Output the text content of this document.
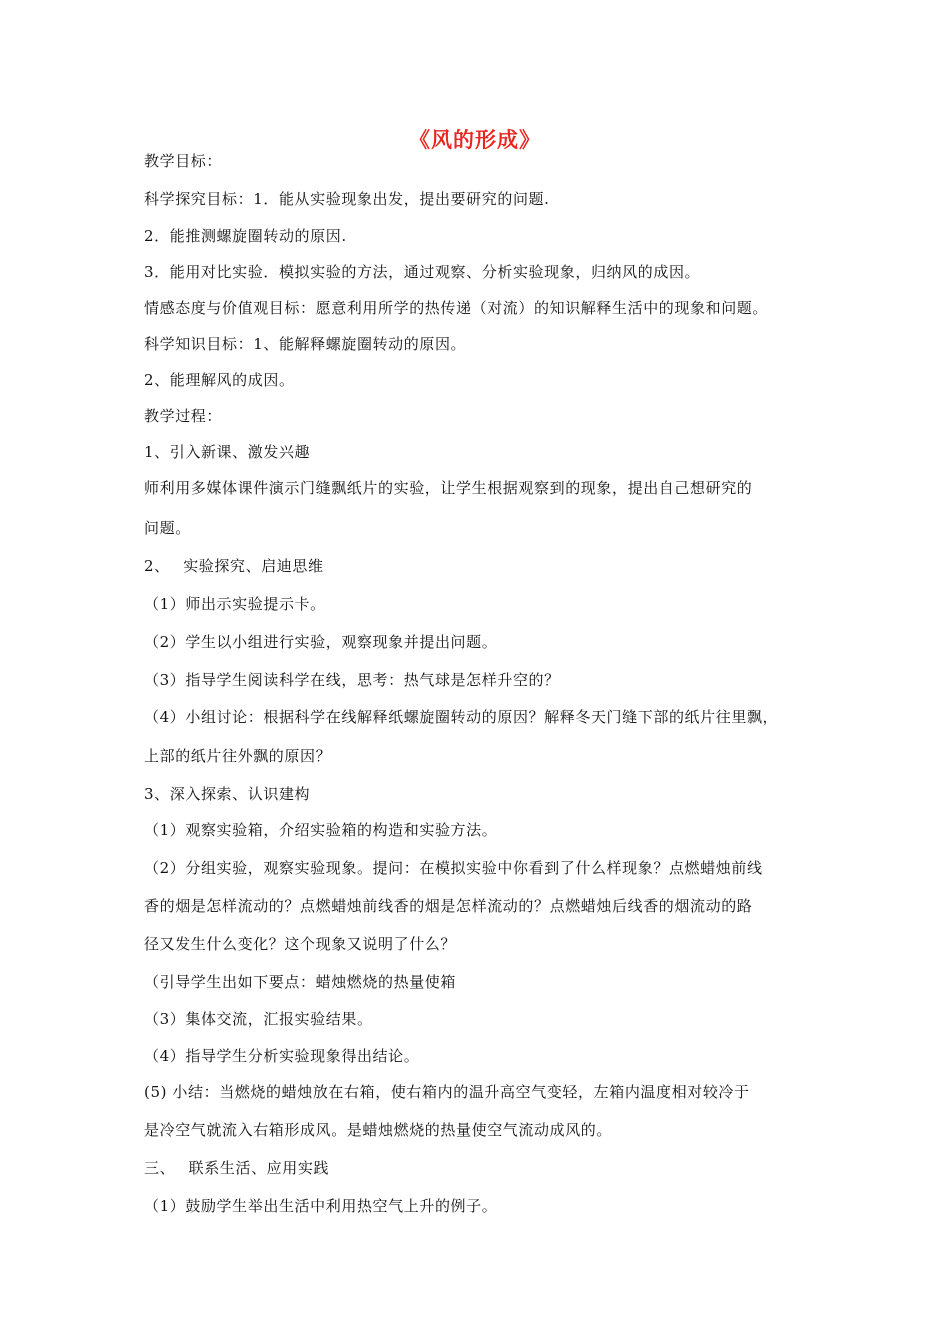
《风的形成》
教学目标：
科学探究目标：1．能从实验现象出发，提出要研究的问题.
2．能推测螺旋圈转动的原因.
3．能用对比实验．模拟实验的方法，通过观察、分析实验现象，归纳风的成因。
情感态度与价值观目标：愿意利用所学的热传递（对流）的知识解释生活中的现象和问题。
科学知识目标：1、能解释螺旋圈转动的原因。
2、能理解风的成因。
教学过程：
1、引入新课、激发兴趣
师利用多媒体课件演示门缝飘纸片的实验，让学生根据观察到的现象，提出自己想研究的
问题。
2、　 实验探究、启迪思维
（1）师出示实验提示卡。
（2）学生以小组进行实验，观察现象并提出问题。
（3）指导学生阅读科学在线，思考：热气球是怎样升空的？
（4）小组讨论：根据科学在线解释纸螺旋圈转动的原因？解释冬天门缝下部的纸片往里飘，
上部的纸片往外飘的原因？
3、深入探索、认识建构
（1）观察实验箱，介绍实验箱的构造和实验方法。
（2）分组实验，观察实验现象。提问：在模拟实验中你看到了什么样现象？点燃蜡烛前线
香的烟是怎样流动的？点燃蜡烛前线香的烟是怎样流动的？点燃蜡烛后线香的烟流动的路
径又发生什么变化？这个现象又说明了什么？
（引导学生出如下要点：蜡烛燃烧的热量使箱
（3）集体交流，汇报实验结果。
（4）指导学生分析实验现象得出结论。
(5) 小结：当燃烧的蜡烛放在右箱，使右箱内的温升高空气变轻，左箱内温度相对较冷于
是冷空气就流入右箱形成风。是蜡烛燃烧的热量使空气流动成风的。
三、　 联系生活、应用实践
（1）鼓励学生举出生活中利用热空气上升的例子。
